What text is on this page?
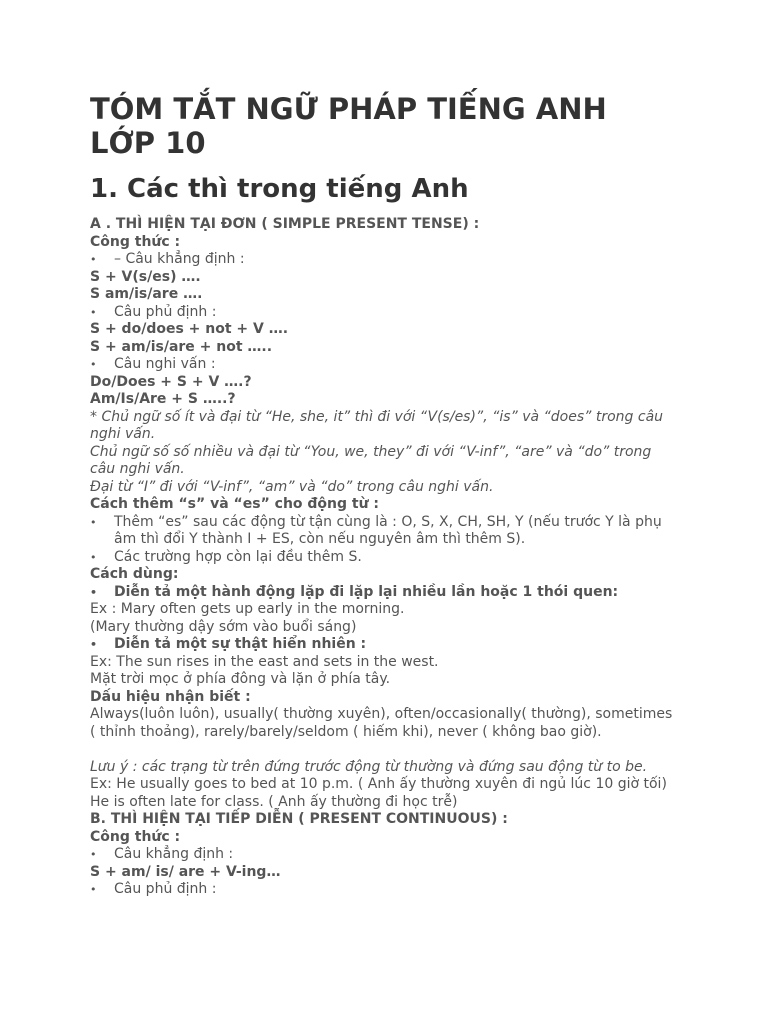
TÓM TẮT NGỮ PHÁP TIẾNG ANH LỚP 10
1. Các thì trong tiếng Anh
A . THÌ HIỆN TẠI ĐƠN ( SIMPLE PRESENT TENSE) :
Công thức :
•	– Câu khẳng định :
S + V(s/es) ….
S am/is/are ….
•	Câu phủ định :
S + do/does + not + V ….
S + am/is/are + not …..
•	Câu nghi vấn :
Do/Does + S + V ….?
Am/Is/Are + S …..?
* Chủ ngữ số ít và đại từ “He, she, it” thì đi với “V(s/es)”, “is” và “does” trong câu nghi vấn.
Chủ ngữ số số nhiều và đại từ “You, we, they” đi với “V-inf”, “are” và “do” trong câu nghi vấn.
Đại từ “I” đi với “V-inf”, “am” và “do” trong câu nghi vấn.
Cách thêm “s” và “es” cho động từ :
•	Thêm “es” sau các động từ tận cùng là : O, S, X, CH, SH, Y (nếu trước Y là phụ âm thì đổi Y thành I + ES, còn nếu nguyên âm thì thêm S).
•	Các trường hợp còn lại đều thêm S.
Cách dùng:
•	Diễn tả một hành động lặp đi lặp lại nhiều lần hoặc 1 thói quen:
Ex : Mary often gets up early in the morning.
(Mary thường dậy sớm vào buổi sáng)
•	Diễn tả một sự thật hiển nhiên :
Ex: The sun rises in the east and sets in the west.
Mặt trời mọc ở phía đông và lặn ở phía tây.
Dấu hiệu nhận biết :
Always(luôn luôn), usually( thường xuyên), often/occasionally( thường), sometimes ( thỉnh thoảng), rarely/barely/seldom ( hiếm khi), never ( không bao giờ).
Lưu ý : các trạng từ trên đứng trước động từ thường và đứng sau động từ to be.
Ex: He usually goes to bed at 10 p.m. ( Anh ấy thường xuyên đi ngủ lúc 10 giờ tối)
He is often late for class. ( Anh ấy thường đi học trễ)
B. THÌ HIỆN TẠI TIẾP DIỄN ( PRESENT CONTINUOUS) :
Công thức :
•	Câu khẳng định :
S + am/ is/ are + V-ing…
•	Câu phủ định :
